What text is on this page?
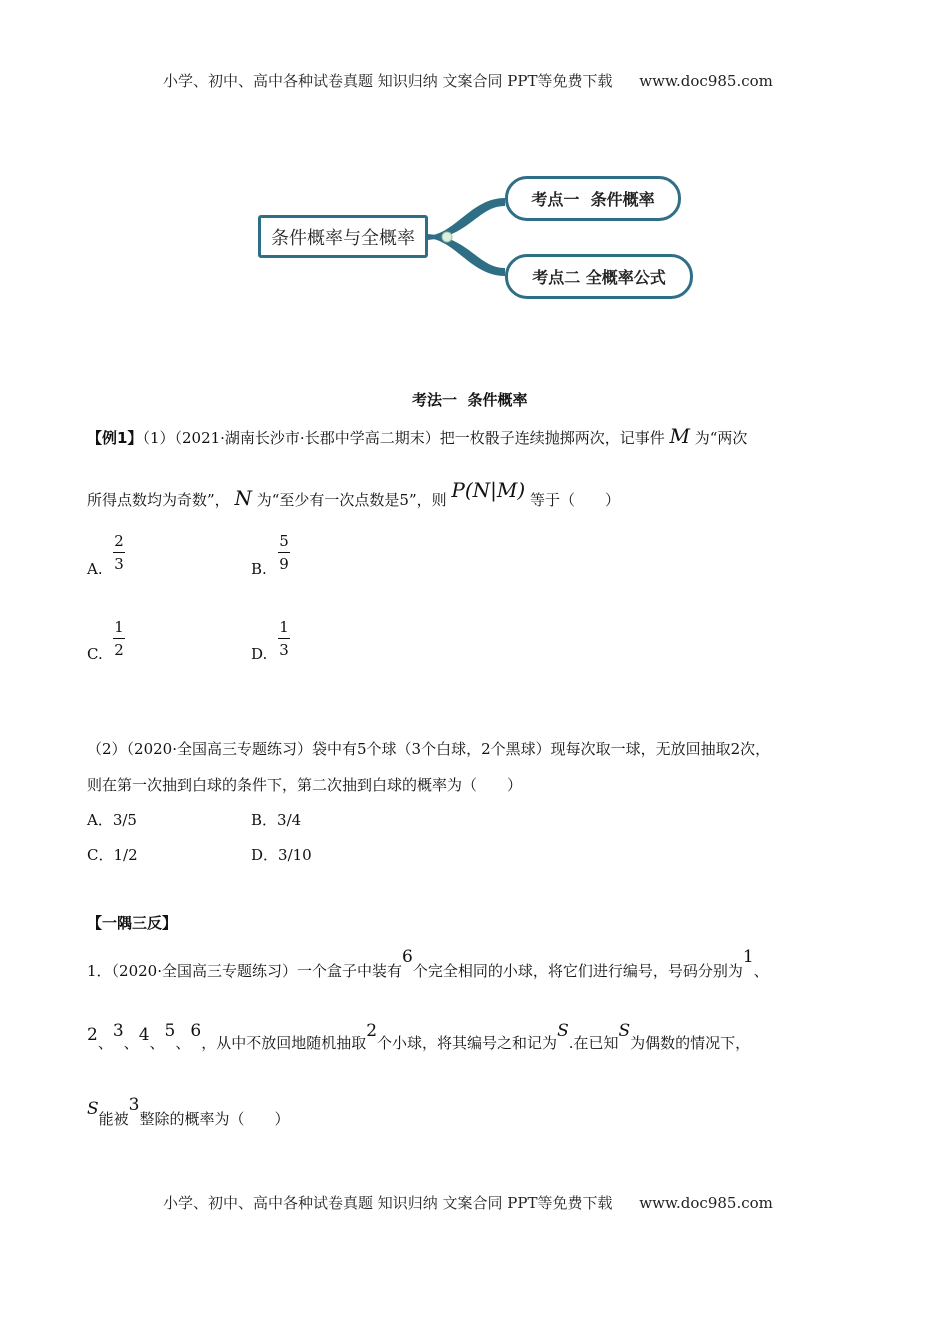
小学、初中、高中各种试卷真题 知识归纳 文案合同 PPT等免费下载 www.doc985.com
条件概率与全概率
考点一  条件概率
考点二 全概率公式
考法一  条件概率
【例1】（1）（2021·湖南长沙市·长郡中学高二期末）把一枚骰子连续抛掷两次，记事件 M 为“两次
所得点数均为奇数”， N 为“至少有一次点数是5”，则 P(N|M) 等于（　　）
A.
2
3	B.
5
9
C.
1
2	D.
1
3
（2）（2020·全国高三专题练习）袋中有5个球（3个白球，2个黑球）现每次取一球，无放回抽取2次，
则在第一次抽到白球的条件下，第二次抽到白球的概率为（　　）
A．3/5	B．3/4
C．1/2	D．3/10
【一隅三反】
1．（2020·全国高三专题练习）一个盒子中装有6个完全相同的小球，将它们进行编号，号码分别为1、
2、3、4、5、6，从中不放回地随机抽取2个小球，将其编号之和记为S.在已知S为偶数的情况下，
S能被3整除的概率为（　　）
小学、初中、高中各种试卷真题 知识归纳 文案合同 PPT等免费下载 www.doc985.com
